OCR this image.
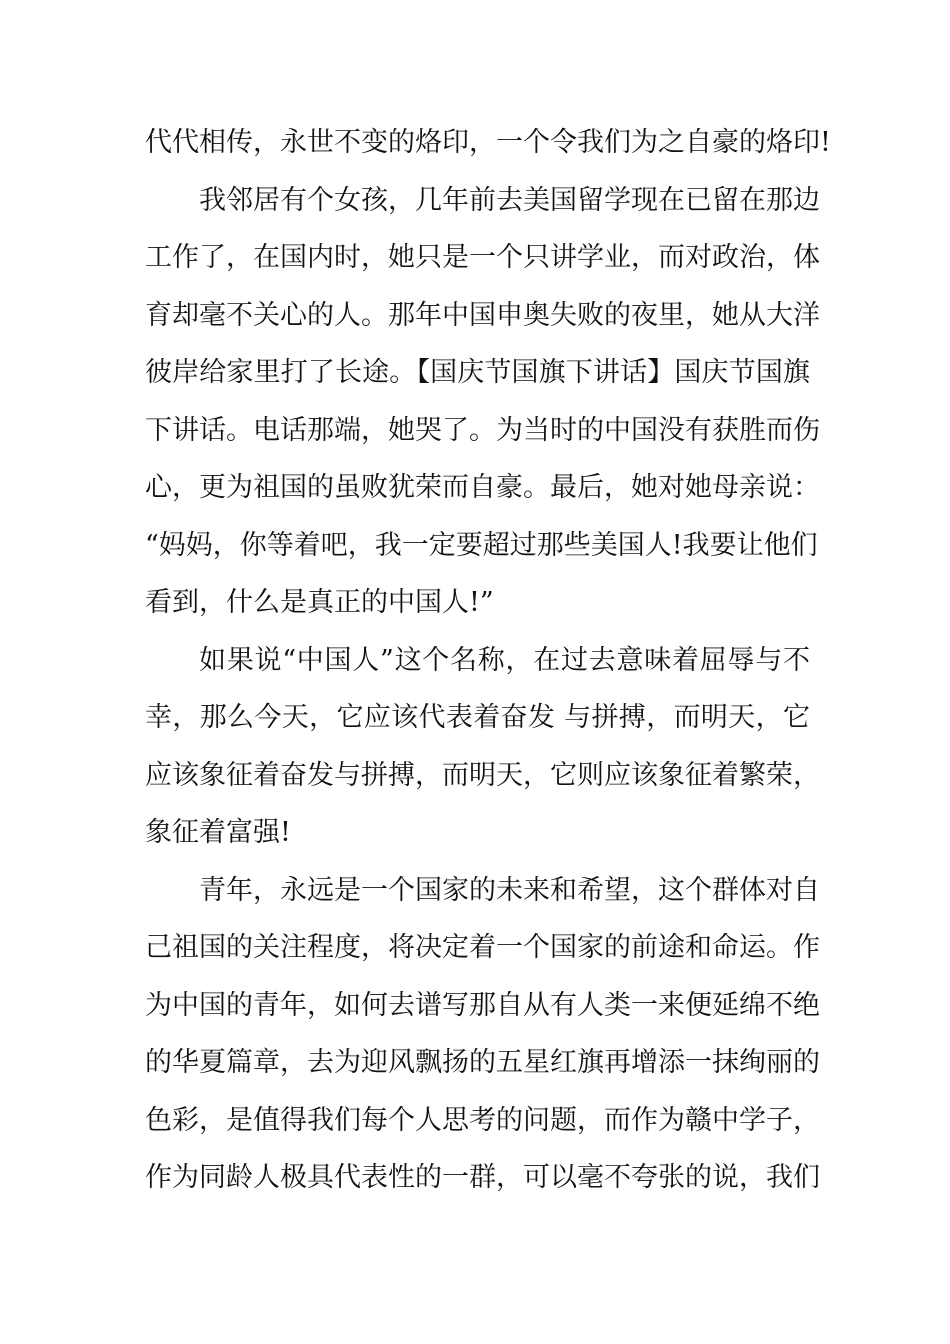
代代相传，永世不变的烙印，一个令我们为之自豪的烙印!
我邻居有个女孩，几年前去美国留学现在已留在那边
工作了，在国内时，她只是一个只讲学业，而对政治，体
育却毫不关心的人。那年中国申奥失败的夜里，她从大洋
彼岸给家里打了长途。【国庆节国旗下讲话】国庆节国旗
下讲话。电话那端，她哭了。为当时的中国没有获胜而伤
心，更为祖国的虽败犹荣而自豪。最后，她对她母亲说：
“妈妈，你等着吧，我一定要超过那些美国人!我要让他们
看到，什么是真正的中国人!”
如果说“中国人”这个名称，在过去意味着屈辱与不
幸，那么今天，它应该代表着奋发 与拼搏，而明天，它
应该象征着奋发与拼搏，而明天，它则应该象征着繁荣，
象征着富强!
青年，永远是一个国家的未来和希望，这个群体对自
己祖国的关注程度，将决定着一个国家的前途和命运。作
为中国的青年，如何去谱写那自从有人类一来便延绵不绝
的华夏篇章，去为迎风飘扬的五星红旗再增添一抹绚丽的
色彩，是值得我们每个人思考的问题，而作为赣中学子，
作为同龄人极具代表性的一群，可以毫不夸张的说，我们
